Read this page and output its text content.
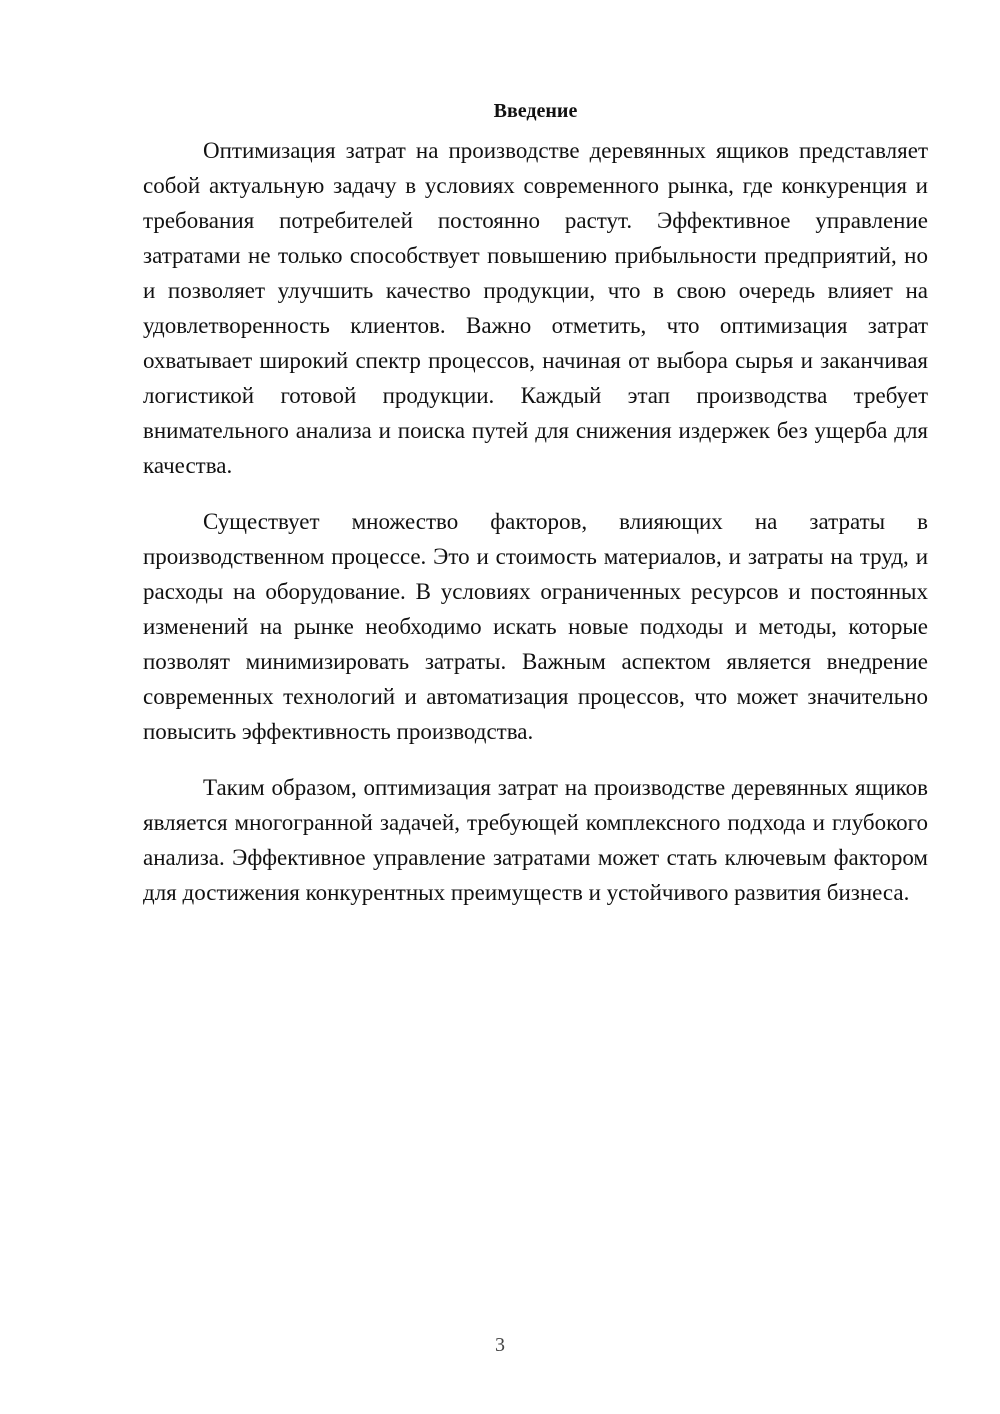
Введение

Оптимизация затрат на производстве деревянных ящиков представляет собой актуальную задачу в условиях современного рынка, где конкуренция и требования потребителей постоянно растут. Эффективное управление затратами не только способствует повышению прибыльности предприятий, но и позволяет улучшить качество продукции, что в свою очередь влияет на удовлетворенность клиентов. Важно отметить, что оптимизация затрат охватывает широкий спектр процессов, начиная от выбора сырья и заканчивая логистикой готовой продукции. Каждый этап производства требует внимательного анализа и поиска путей для снижения издержек без ущерба для качества.

Существует множество факторов, влияющих на затраты в производственном процессе. Это и стоимость материалов, и затраты на труд, и расходы на оборудование. В условиях ограниченных ресурсов и постоянных изменений на рынке необходимо искать новые подходы и методы, которые позволят минимизировать затраты. Важным аспектом является внедрение современных технологий и автоматизация процессов, что может значительно повысить эффективность производства.

Таким образом, оптимизация затрат на производстве деревянных ящиков является многогранной задачей, требующей комплексного подхода и глубокого анализа. Эффективное управление затратами может стать ключевым фактором для достижения конкурентных преимуществ и устойчивого развития бизнеса.

3
